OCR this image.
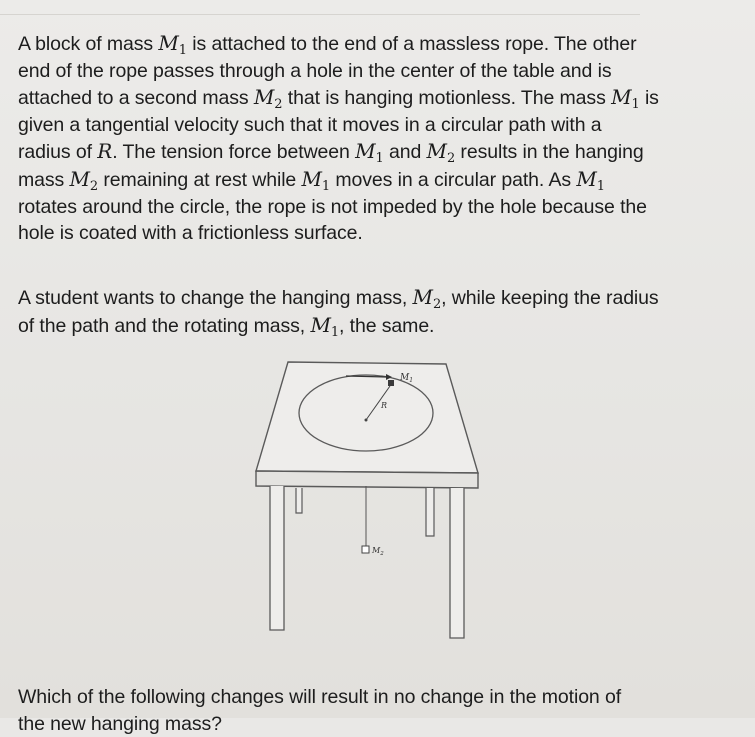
A block of mass $M_1$ is attached to the end of a massless rope. The other
end of the rope passes through a hole in the center of the table and is
attached to a second mass $M_2$ that is hanging motionless. The mass $M_1$ is
given a tangential velocity such that it moves in a circular path with a
radius of R. The tension force between $M_1$ and $M_2$ results in the hanging
mass $M_2$ remaining at rest while $M_1$ moves in a circular path. As $M_1$
rotates around the circle, the rope is not impeded by the hole because the
hole is coated with a frictionless surface.
A student wants to change the hanging mass, $M_2$, while keeping the radius
of the path and the rotating mass, $M_1$, the same.
$M_1$
R
$M_2$
Which of the following changes will result in no change in the motion of
the new hanging mass?
